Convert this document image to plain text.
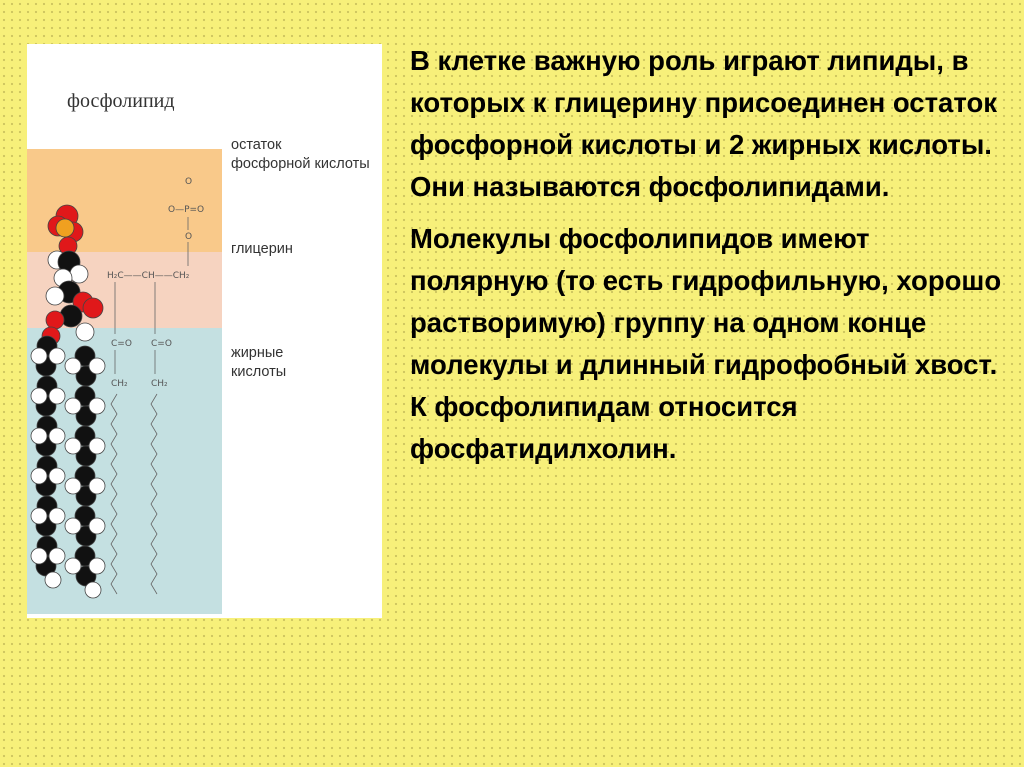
фосфолипид
остаток
фосфорной кислоты
глицерин
жирные
кислоты
O
O—P=O
O
H₂C——CH——CH₂
C=O C=O
CH₂	CH₂

В клетке важную роль играют липиды, в которых к глицерину присоединен остаток фосфорной кислоты и 2 жирных кислоты. Они называются фосфолипидами.

Молекулы фосфолипидов имеют полярную (то есть гидрофильную, хорошо растворимую) группу на одном конце молекулы и длинный гидрофобный хвост. К фосфолипидам относится фосфатидилхолин.
